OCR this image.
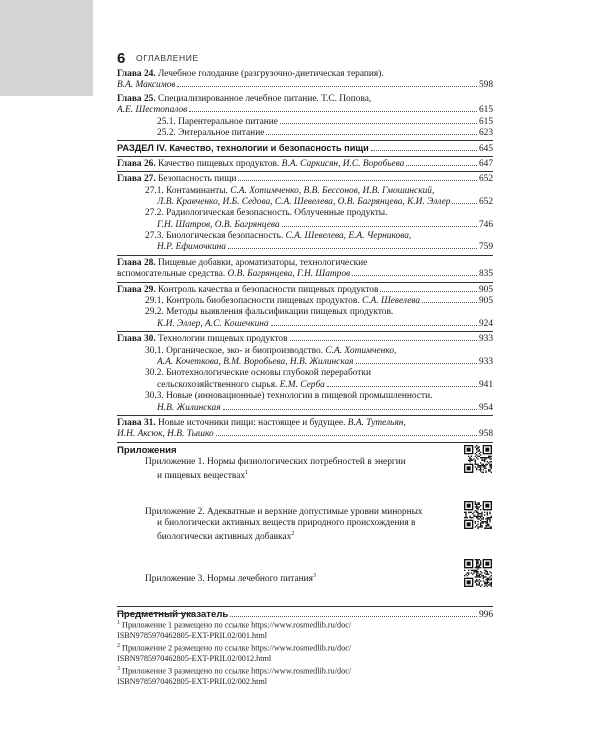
6 ОГЛАВЛЕНИЕ
Глава 24. Лечебное голодание (разгрузочно-диетическая терапия).
В.А. Максимов	598
Глава 25. Специализированное лечебное питание. Т.С. Попова,
А.Е. Шестопалов	615
25.1. Парентеральное питание	615
25.2. Энтеральное питание	623
РАЗДЕЛ IV. Качество, технологии и безопасность пищи	645
Глава 26. Качество пищевых продуктов. В.А. Саркисян, И.С. Воробьева	647
Глава 27. Безопасность пищи	652
27.1. Контаминанты. С.А. Хотимченко, В.В. Бессонов, И.В. Гмошинский,
Л.В. Кравченко, И.Б. Седова, С.А. Шевелева, О.В. Багрянцева, К.И. Эллер	652
27.2. Радиологическая безопасность. Облученные продукты.
Г.Н. Шатров, О.В. Багрянцева	746
27.3. Биологическая безопасность. С.А. Шевелева, Е.А. Черникова,
Н.Р. Ефимочкина	759
Глава 28. Пищевые добавки, ароматизаторы, технологические
вспомогательные средства. О.В. Багрянцева, Г.Н. Шатров	835
Глава 29. Контроль качества и безопасности пищевых продуктов	905
29.1. Контроль биобезопасности пищевых продуктов. С.А. Шевелева	905
29.2. Методы выявления фальсификации пищевых продуктов.
К.И. Эллер, А.С. Кошечкина	924
Глава 30. Технологии пищевых продуктов	933
30.1. Органическое, эко- и биопроизводство. С.А. Хотимченко,
А.А. Кочеткова, В.М. Воробьева, Н.В. Жилинская	933
30.2. Биотехнологические основы глубокой переработки
сельскохозяйственного сырья. Е.М. Серба	941
30.3. Новые (инновационные) технологии в пищевой промышленности.
Н.В. Жилинская	954
Глава 31. Новые источники пищи: настоящее и будущее. В.А. Тутельян,
И.Н. Аксюк, Н.В. Тышко	958
Приложения
Приложение 1. Нормы физиологических потребностей в энергии
и пищевых веществах$^1$
Приложение 2. Адекватные и верхние допустимые уровни минорных
и биологически активных веществ природного происхождения в
биологически активных добавках$^2$
Приложение 3. Нормы лечебного питания$^3$
Предметный указатель	996
$^1$ Приложение 1 размещено по ссылке https://www.rosmedlib.ru/doc/
ISBN9785970462805-EXT-PRIL02/001.html
$^2$ Приложение 2 размещено по ссылке https://www.rosmedlib.ru/doc/
ISBN9785970462805-EXT-PRIL02/0012.html
$^3$ Приложение 3 размещено по ссылке https://www.rosmedlib.ru/doc/
ISBN9785970462805-EXT-PRIL02/002.html
